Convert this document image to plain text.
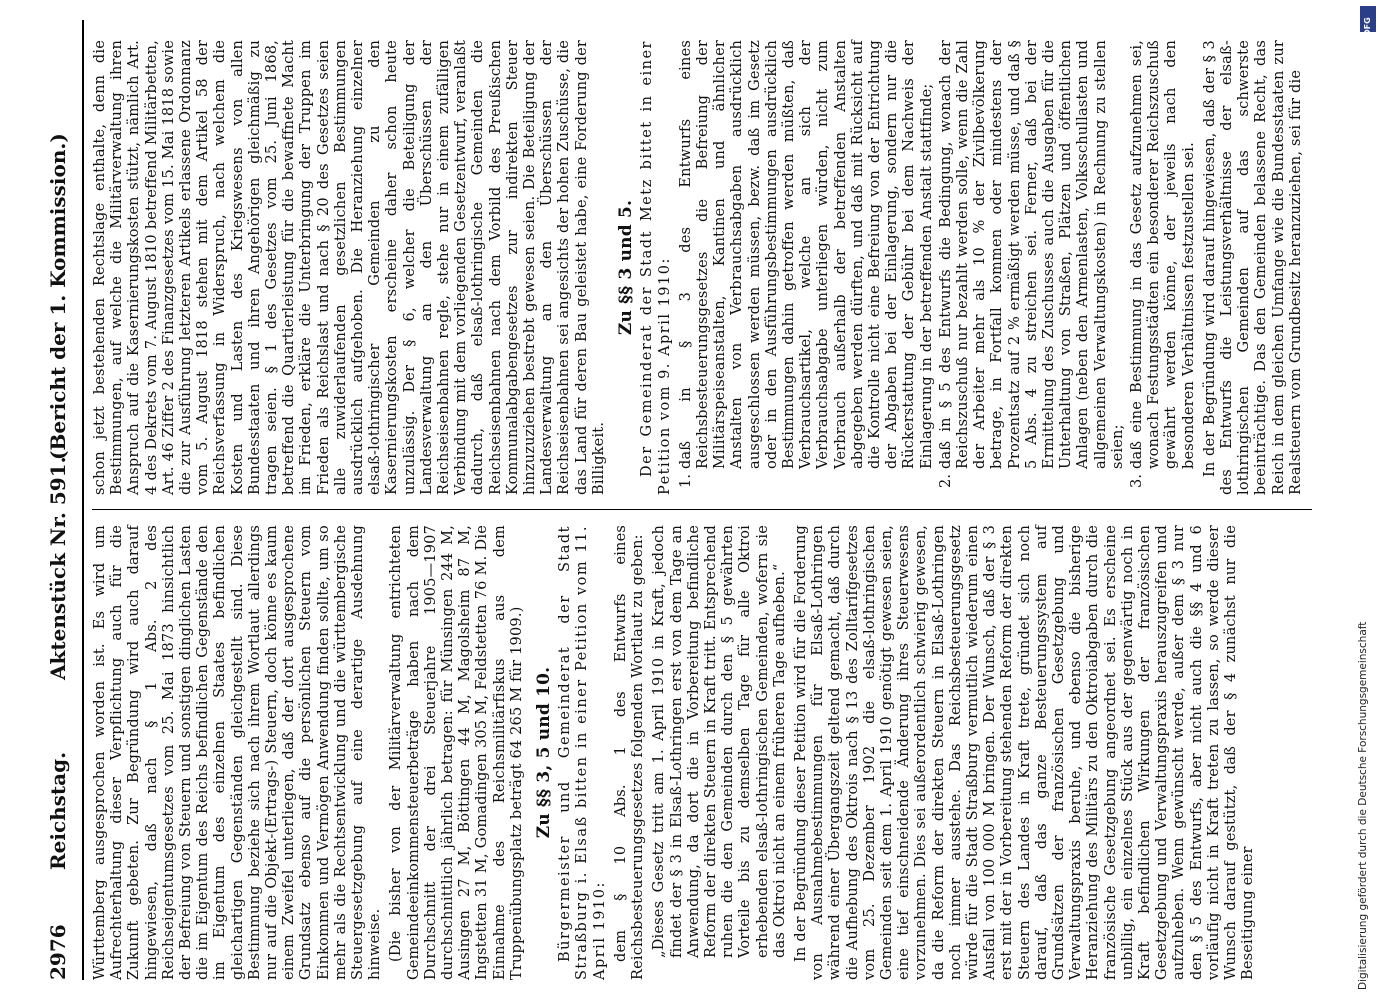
2976
Reichstag.
Aktenstück Nr. 591.
(Bericht der 1. Kommission.)

Württemberg ausgesprochen worden ist. Es wird um Aufrechterhaltung dieser Verpflichtung auch für die Zukunft gebeten. Zur Begründung wird auch darauf hingewiesen, daß nach § 1 Abs. 2 des Reichseigentumsgesetzes vom 25. Mai 1873 hinsichtlich der Befreiung von Steuern und sonstigen dinglichen Lasten die im Eigentum des Reichs befindlichen Gegenstände den im Eigentum des einzelnen Staates befindlichen gleichartigen Gegenständen gleichgestellt sind. Diese Bestimmung beziehe sich nach ihrem Wortlaut allerdings nur auf die Objekt-(Ertrags-) Steuern, doch könne es kaum einem Zweifel unterliegen, daß der dort ausgesprochene Grundsatz ebenso auf die persönlichen Steuern vom Einkommen und Vermögen Anwendung finden sollte, um so mehr als die Rechtsentwicklung und die württembergische Steuergesetzgebung auf eine derartige Ausdehnung hinweise. (Die bisher von der Militärverwaltung entrichteten Gemeindeeinkommensteuerbeträge haben nach dem Durchschnitt der drei Steuerjahre 1905—1907 durchschnittlich jährlich betragen: für Münsingen 244 M, Ausingen 27 M, Böttingen 44 M, Magolsheim 87 M, Ingstetten 31 M, Gomadingen 305 M, Feldstetten 76 M. Die Einnahme des Reichsmilitärfiskus aus dem Truppenübungsplatz beträgt 64 265 M für 1909.) Zu §§ 3, 5 und 10. Bürgermeister und Gemeinderat der Stadt Straßburg i. Elsaß bitten in einer Petition vom 11. April 1910: dem § 10 Abs. 1 des Entwurfs eines Reichsbesteuerungsgesetzes folgenden Wortlaut zu geben: „Dieses Gesetz tritt am 1. April 1910 in Kraft, jedoch findet der § 3 in Elsaß-Lothringen erst von dem Tage an Anwendung, da dort die in Vorbereitung befindliche Reform der direkten Steuern in Kraft tritt. Entsprechend ruhen die den Gemeinden durch den § 5 gewährten Vorteile bis zu demselben Tage für alle Oktroi erhebenden elsaß-lothringischen Gemeinden, wofern sie das Oktroi nicht an einem früheren Tage aufheben.“ In der Begründung dieser Petition wird für die Forderung von Ausnahmebestimmungen für Elsaß-Lothringen während einer Übergangszeit geltend gemacht, daß durch die Aufhebung des Oktrois nach § 13 des Zolltarifgesetzes vom 25. Dezember 1902 die elsaß-lothringischen Gemeinden seit dem 1. April 1910 genötigt gewesen seien, eine tief einschneidende Änderung ihres Steuerwesens vorzunehmen. Dies sei außerordentlich schwierig gewesen, da die Reform der direkten Steuern in Elsaß-Lothringen noch immer ausstehe. Das Reichsbesteuerungsgesetz würde für die Stadt Straßburg vermutlich wiederum einen Ausfall von 100 000 M bringen. Der Wunsch, daß der § 3 erst mit der in Vorbereitung stehenden Reform der direkten Steuern des Landes in Kraft trete, gründet sich noch darauf, daß das ganze Besteuerungssystem auf Grundsätzen der französischen Gesetzgebung und Verwaltungspraxis beruhe, und ebenso die bisherige Heranziehung des Militärs zu den Oktroiabgaben durch die französische Gesetzgebung angeordnet sei. Es erscheine unbillig, ein einzelnes Stück aus der gegenwärtig noch in Kraft befindlichen Wirkungen der französischen Gesetzgebung und Verwaltungspraxis herauszugreifen und aufzuheben. Wenn gewünscht werde, außer dem § 3 nur den § 5 des Entwurfs, aber nicht auch die §§ 4 und 6 vorläufig nicht in Kraft treten zu lassen, so werde dieser Wunsch darauf gestützt, daß der § 4 zunächst nur die Beseitigung einer

schon jetzt bestehenden Rechtslage enthalte, denn die Bestimmungen, auf welche die Militärverwaltung ihren Anspruch auf die Kasernierungskosten stützt, nämlich Art. 4 des Dekrets vom 7. August 1810 betreffend Militärbetten, Art. 46 Ziffer 2 des Finanzgesetzes vom 15. Mai 1818 sowie die zur Ausführung letzteren Artikels erlassene Ordonnanz vom 5. August 1818 stehen mit dem Artikel 58 der Reichsverfassung in Widerspruch, nach welchem die Kosten und Lasten des Kriegswesens von allen Bundesstaaten und ihren Angehörigen gleichmäßig zu tragen seien. § 1 des Gesetzes vom 25. Juni 1868, betreffend die Quartierleistung für die bewaffnete Macht im Frieden, erkläre die Unterbringung der Truppen im Frieden als Reichslast und nach § 20 des Gesetzes seien alle zuwiderlaufenden gesetzlichen Bestimmungen ausdrücklich aufgehoben. Die Heranziehung einzelner elsaß-lothringischer Gemeinden zu den Kasernierungskosten erscheine daher schon heute unzulässig. Der § 6, welcher die Beteiligung der Landesverwaltung an den Überschüssen der Reichseisenbahnen regle, stehe nur in einem zufälligen Verbindung mit dem vorliegenden Gesetzentwurf, veranlaßt dadurch, daß elsaß-lothringische Gemeinden die Reichseisenbahnen nach dem Vorbild des Preußischen Kommunalabgabengesetzes zur indirekten Steuer hinzuzuziehen bestrebt gewesen seien. Die Beteiligung der Landesverwaltung an den Überschüssen der Reichseisenbahnen sei angesichts der hohen Zuschüsse, die das Land für deren Bau geleistet habe, eine Forderung der Billigkeit.

Zu §§ 3 und 5. Der Gemeinderat der Stadt Metz bittet in einer Petition vom 9. April 1910: 1. daß in § 3 des Entwurfs eines Reichsbesteuerungsgesetzes die Befreiung der Militärspeiseanstalten, Kantinen und ähnlicher Anstalten von Verbrauchsabgaben ausdrücklich ausgeschlossen werden müssen, bezw. daß im Gesetz oder in den Ausführungsbestimmungen ausdrücklich Bestimmungen dahin getroffen werden müßten, daß Verbrauchsartikel, welche an sich der Verbrauchsabgabe unterliegen würden, nicht zum Verbrauch außerhalb der betreffenden Anstalten abgegeben werden dürften, und daß mit Rücksicht auf die Kontrolle nicht eine Befreiung von der Entrichtung der Abgaben bei der Einlagerung, sondern nur die Rückerstattung der Gebühr bei dem Nachweis der Einlagerung in der betreffenden Anstalt stattfinde; 2. daß in § 5 des Entwurfs die Bedingung, wonach der Reichszuschuß nur bezahlt werden solle, wenn die Zahl der Arbeiter mehr als 10 % der Zivilbevölkerung betrage, in Fortfall kommen oder mindestens der Prozentsatz auf 2 % ermäßigt werden müsse, und daß § 5 Abs. 4 zu streichen sei. Ferner, daß bei der Ermittelung des Zuschusses auch die Ausgaben für die Unterhaltung von Straßen, Plätzen und öffentlichen Anlagen (neben den Armenlasten, Volksschullasten und allgemeinen Verwaltungskosten) in Rechnung zu stellen seien; 3. daß eine Bestimmung in das Gesetz aufzunehmen sei, wonach Festungsstädten ein besonderer Reichszuschuß gewährt werden könne, der jeweils nach den besonderen Verhältnissen festzustellen sei. In der Begründung wird darauf hingewiesen, daß der § 3 des Entwurfs die Leistungsverhältnisse der elsaß-lothringischen Gemeinden auf das schwerste beeinträchtige. Das den Gemeinden belassene Recht, das Reich in dem gleichen Umfange wie die Bundesstaaten zur Realsteuern vom Grundbesitz heranzuziehen, sei für die

DFG
Digitalisierung gefördert durch die Deutsche Forschungsgemeinschaft
